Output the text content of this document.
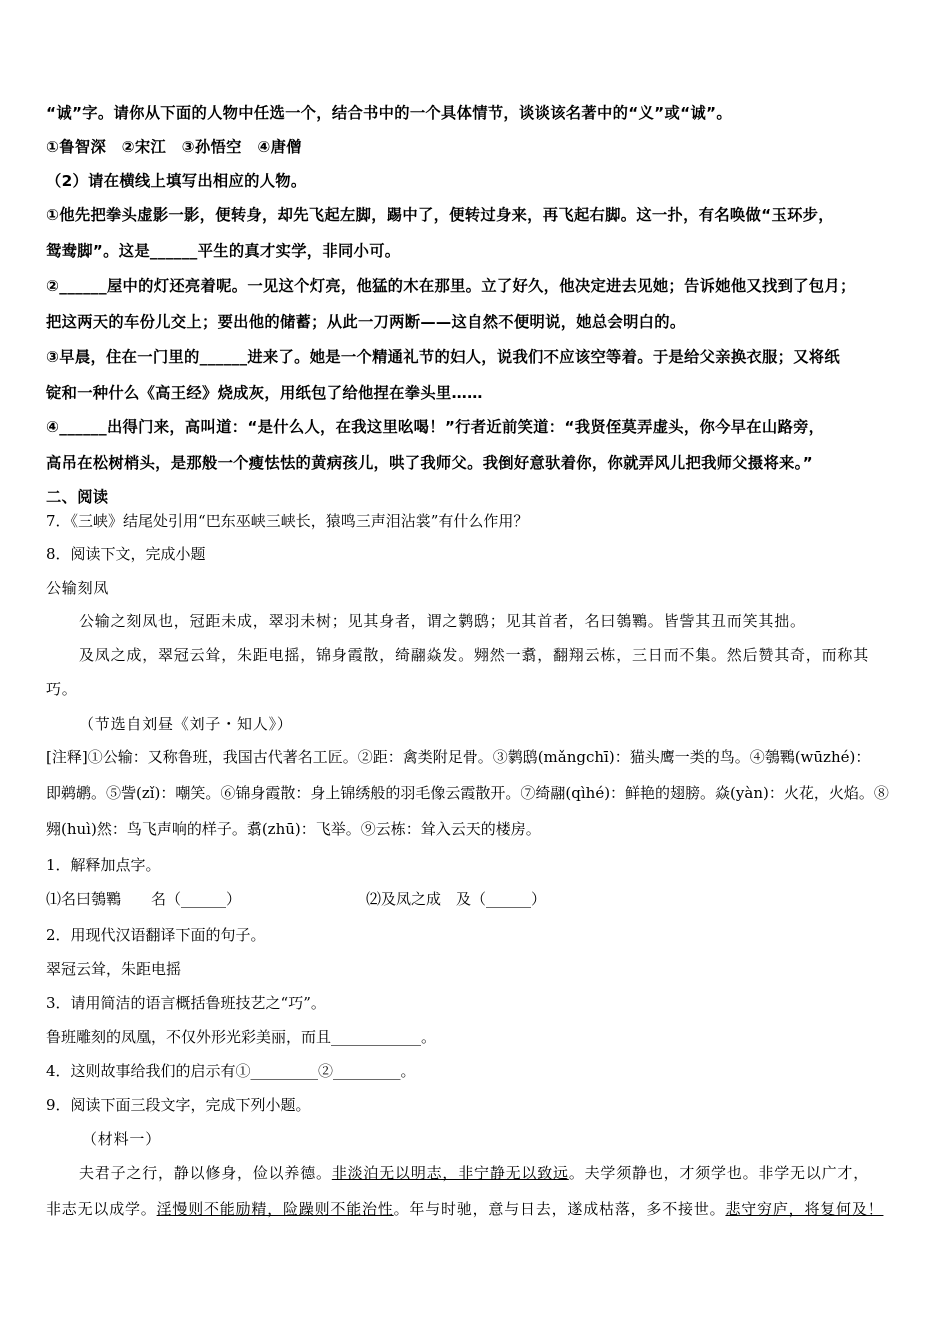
“诚”字。请你从下面的人物中任选一个，结合书中的一个具体情节，谈谈该名著中的“义”或“诚”。
①鲁智深　②宋江　③孙悟空　④唐僧
（2）请在横线上填写出相应的人物。
①他先把拳头虚影一影，便转身，却先飞起左脚，踢中了，便转过身来，再飞起右脚。这一扑，有名唤做“玉环步，
鸳鸯脚”。这是______平生的真才实学，非同小可。
②______屋中的灯还亮着呢。一见这个灯亮，他猛的木在那里。立了好久，他决定进去见她；告诉她他又找到了包月；
把这两天的车份儿交上；要出他的储蓄；从此一刀两断——这自然不便明说，她总会明白的。
③早晨，住在一门里的______进来了。她是一个精通礼节的妇人，说我们不应该空等着。于是给父亲换衣服；又将纸
锭和一种什么《高王经》烧成灰，用纸包了给他捏在拳头里……
④______出得门来，高叫道：“是什么人，在我这里吆喝！”行者近前笑道：“我贤侄莫弄虚头，你今早在山路旁，
高吊在松树梢头，是那般一个瘦怯怯的黄病孩儿，哄了我师父。我倒好意驮着你，你就弄风儿把我师父摄将来。”
二、阅读
7．《三峡》结尾处引用“巴东巫峡三峡长，猿鸣三声泪沾裳”有什么作用？
8．阅读下文，完成小题
公输刻凤
公输之刻凤也，冠距未成，翠羽未树；见其身者，谓之鹲鸱；见其首者，名曰鴮鸅。皆訾其丑而笑其拙。
及凤之成，翠冠云耸，朱距电摇，锦身霞散，绮翮焱发。翙然一翥，翻翔云栋，三日而不集。然后赞其奇，而称其
巧。
（节选自刘昼《刘子・知人》）
[注释]①公输：又称鲁班，我国古代著名工匠。②距：禽类附足骨。③鹲鸱(mǎngchī)：猫头鹰一类的鸟。④鴮鸅(wūzhé)：
即鹈鹕。⑤訾(zǐ)：嘲笑。⑥锦身霞散：身上锦绣般的羽毛像云霞散开。⑦绮翮(qìhé)：鲜艳的翅膀。焱(yàn)：火花，火焰。⑧
翙(huì)然：鸟飞声响的样子。翥(zhū)：飞举。⑨云栋：耸入云天的楼房。
1．解释加点字。
⑴名曰鴮鸅　　名（______）	⑵及凤之成　及（______）
2．用现代汉语翻译下面的句子。
翠冠云耸，朱距电摇
3．请用简洁的语言概括鲁班技艺之“巧”。
鲁班雕刻的凤凰，不仅外形光彩美丽，而且____________。
4．这则故事给我们的启示有①_________②_________。
9．阅读下面三段文字，完成下列小题。
（材料一）
夫君子之行，静以修身，俭以养德。非淡泊无以明志，非宁静无以致远。夫学须静也，才须学也。非学无以广才，
非志无以成学。淫慢则不能励精，险躁则不能治性。年与时驰，意与日去，遂成枯落，多不接世。悲守穷庐，将复何及！
